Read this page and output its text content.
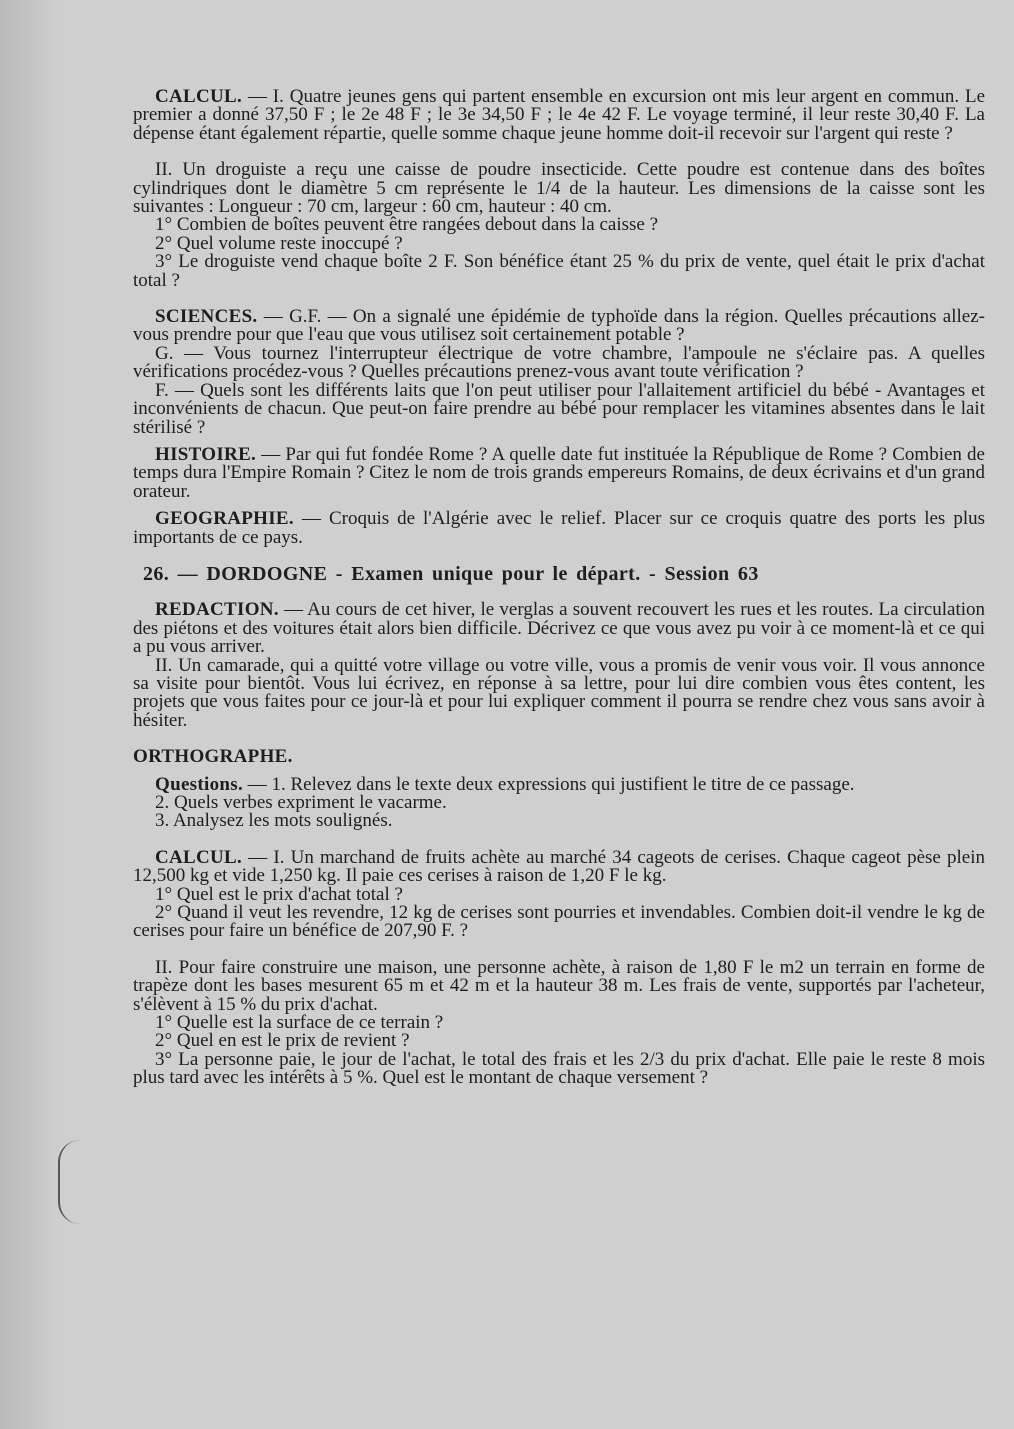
CALCUL. — I. Quatre jeunes gens qui partent ensemble en excursion ont mis leur argent en commun. Le premier a donné 37,50 F ; le 2e 48 F ; le 3e 34,50 F ; le 4e 42 F. Le voyage terminé, il leur reste 30,40 F. La dépense étant également répartie, quelle somme chaque jeune homme doit-il recevoir sur l'argent qui reste ?

II. Un droguiste a reçu une caisse de poudre insecticide. Cette poudre est contenue dans des boîtes cylindriques dont le diamètre 5 cm représente le 1/4 de la hauteur. Les dimensions de la caisse sont les suivantes : Longueur : 70 cm, largeur : 60 cm, hauteur : 40 cm.

1° Combien de boîtes peuvent être rangées debout dans la caisse ?

2° Quel volume reste inoccupé ?

3° Le droguiste vend chaque boîte 2 F. Son bénéfice étant 25 % du prix de vente, quel était le prix d'achat total ?

SCIENCES. — G.F. — On a signalé une épidémie de typhoïde dans la région. Quelles précautions allez-vous prendre pour que l'eau que vous utilisez soit certainement potable ?

G. — Vous tournez l'interrupteur électrique de votre chambre, l'ampoule ne s'éclaire pas. A quelles vérifications procédez-vous ? Quelles précautions prenez-vous avant toute vérification ?

F. — Quels sont les différents laits que l'on peut utiliser pour l'allaitement artificiel du bébé - Avantages et inconvénients de chacun. Que peut-on faire prendre au bébé pour remplacer les vitamines absentes dans le lait stérilisé ?

HISTOIRE. — Par qui fut fondée Rome ? A quelle date fut instituée la République de Rome ? Combien de temps dura l'Empire Romain ? Citez le nom de trois grands empereurs Romains, de deux écrivains et d'un grand orateur.

GEOGRAPHIE. — Croquis de l'Algérie avec le relief. Placer sur ce croquis quatre des ports les plus importants de ce pays.

26. — DORDOGNE - Examen unique pour le départ. - Session 63

REDACTION. — Au cours de cet hiver, le verglas a souvent recouvert les rues et les routes. La circulation des piétons et des voitures était alors bien difficile. Décrivez ce que vous avez pu voir à ce moment-là et ce qui a pu vous arriver.

II. Un camarade, qui a quitté votre village ou votre ville, vous a promis de venir vous voir. Il vous annonce sa visite pour bientôt. Vous lui écrivez, en réponse à sa lettre, pour lui dire combien vous êtes content, les projets que vous faites pour ce jour-là et pour lui expliquer comment il pourra se rendre chez vous sans avoir à hésiter.

ORTHOGRAPHE.

Questions. — 1. Relevez dans le texte deux expressions qui justifient le titre de ce passage.

2. Quels verbes expriment le vacarme.

3. Analysez les mots soulignés.

CALCUL. — I. Un marchand de fruits achète au marché 34 cageots de cerises. Chaque cageot pèse plein 12,500 kg et vide 1,250 kg. Il paie ces cerises à raison de 1,20 F le kg.

1° Quel est le prix d'achat total ?

2° Quand il veut les revendre, 12 kg de cerises sont pourries et invendables. Combien doit-il vendre le kg de cerises pour faire un bénéfice de 207,90 F. ?

II. Pour faire construire une maison, une personne achète, à raison de 1,80 F le m2 un terrain en forme de trapèze dont les bases mesurent 65 m et 42 m et la hauteur 38 m. Les frais de vente, supportés par l'acheteur, s'élèvent à 15 % du prix d'achat.

1° Quelle est la surface de ce terrain ?

2° Quel en est le prix de revient ?

3° La personne paie, le jour de l'achat, le total des frais et les 2/3 du prix d'achat. Elle paie le reste 8 mois plus tard avec les intérêts à 5 %. Quel est le montant de chaque versement ?
